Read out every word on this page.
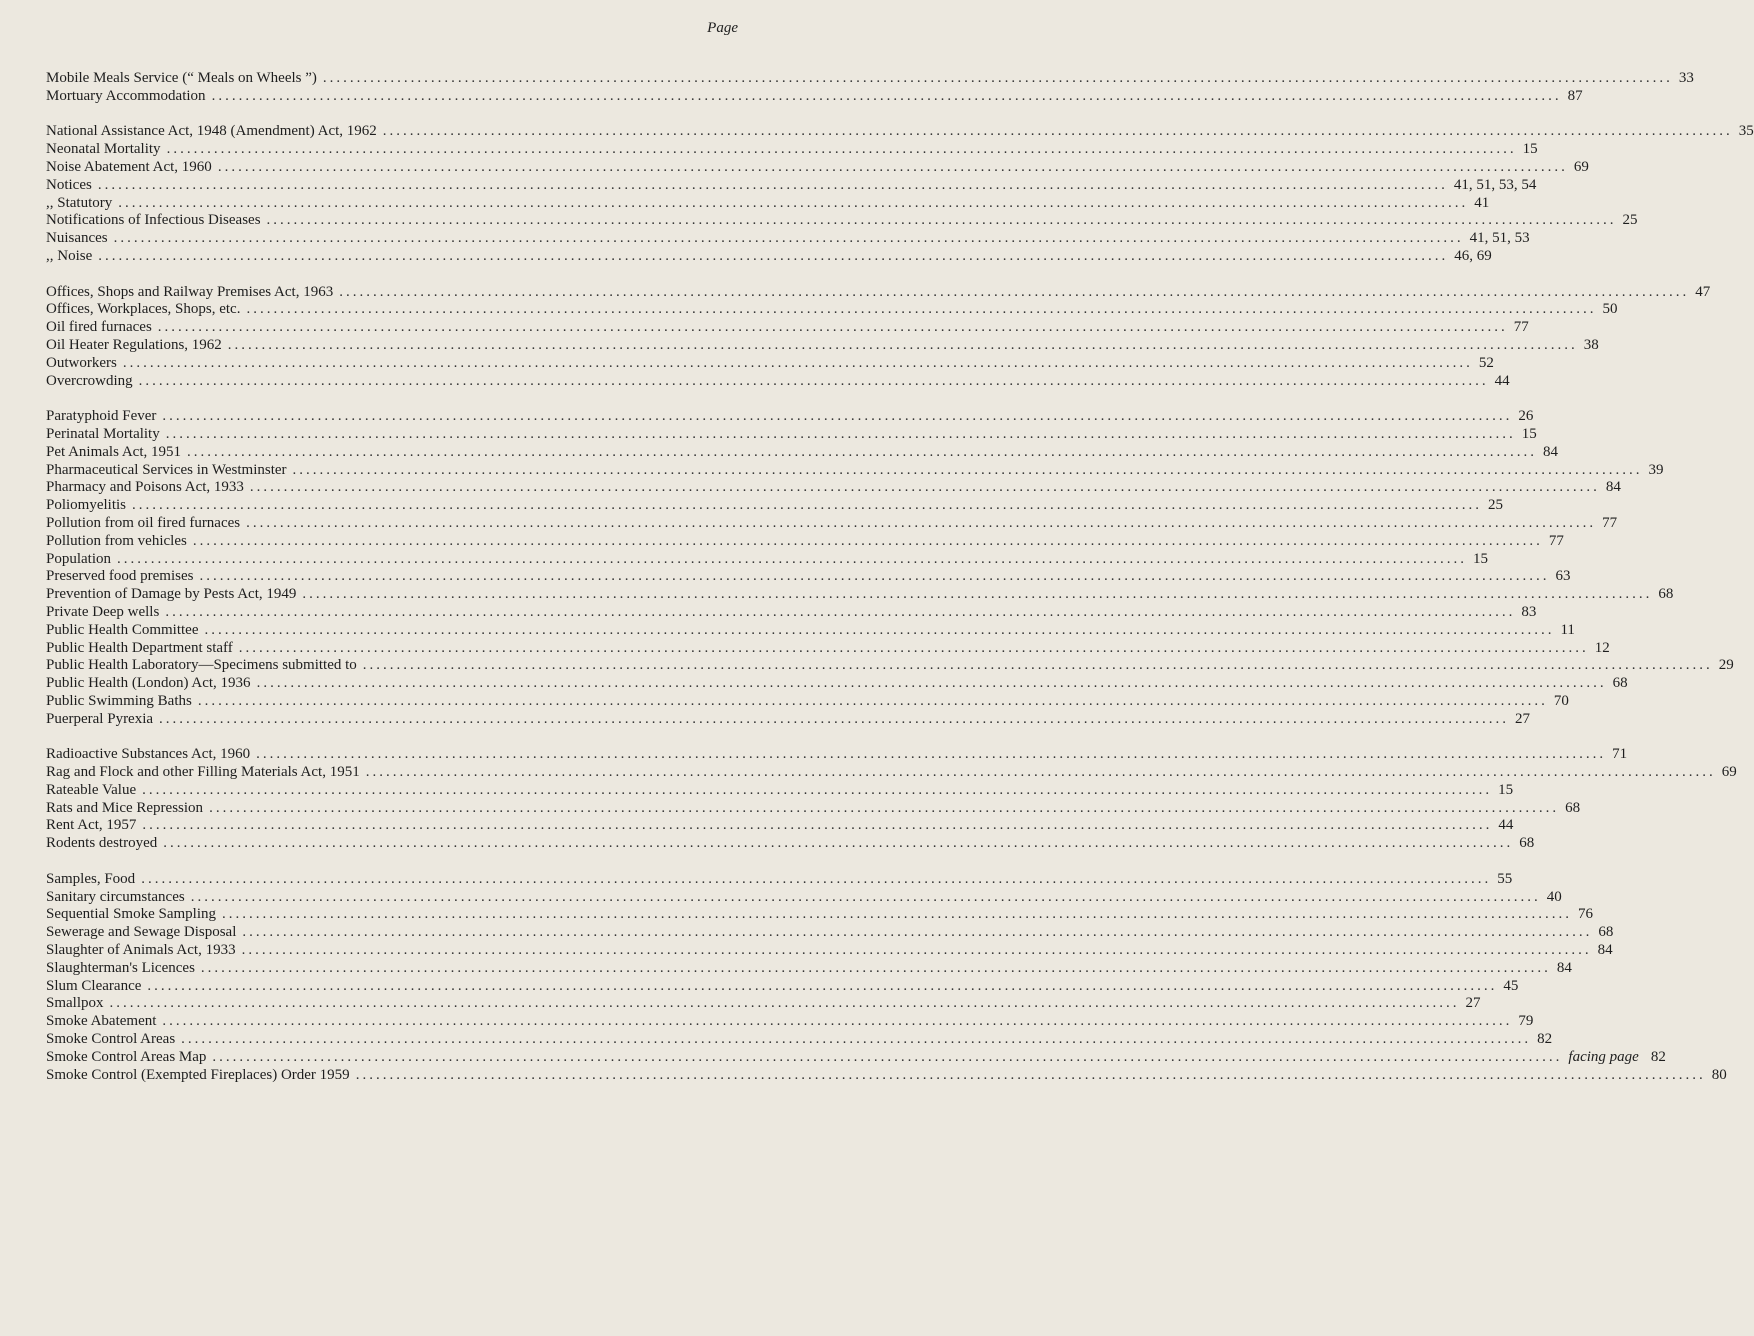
Page
Mobile Meals Service (“ Meals on Wheels ”) ........................................................................................................................................................................................................ 33
Mortuary Accommodation ........................................................................................................................................................................................................ 87
National Assistance Act, 1948 (Amendment) Act, 1962 ........................................................................................................................................................................................................ 35
Neonatal Mortality ........................................................................................................................................................................................................ 15
Noise Abatement Act, 1960 ........................................................................................................................................................................................................ 69
Notices ........................................................................................................................................................................................................ 41, 51, 53, 54
,, Statutory ........................................................................................................................................................................................................ 41
Notifications of Infectious Diseases ........................................................................................................................................................................................................ 25
Nuisances ........................................................................................................................................................................................................ 41, 51, 53
,, Noise ........................................................................................................................................................................................................ 46, 69
Offices, Shops and Railway Premises Act, 1963 ........................................................................................................................................................................................................ 47
Offices, Workplaces, Shops, etc. ........................................................................................................................................................................................................ 50
Oil fired furnaces ........................................................................................................................................................................................................ 77
Oil Heater Regulations, 1962 ........................................................................................................................................................................................................ 38
Outworkers ........................................................................................................................................................................................................ 52
Overcrowding ........................................................................................................................................................................................................ 44
Paratyphoid Fever ........................................................................................................................................................................................................ 26
Perinatal Mortality ........................................................................................................................................................................................................ 15
Pet Animals Act, 1951 ........................................................................................................................................................................................................ 84
Pharmaceutical Services in Westminster ........................................................................................................................................................................................................ 39
Pharmacy and Poisons Act, 1933 ........................................................................................................................................................................................................ 84
Poliomyelitis ........................................................................................................................................................................................................ 25
Pollution from oil fired furnaces ........................................................................................................................................................................................................ 77
Pollution from vehicles ........................................................................................................................................................................................................ 77
Population ........................................................................................................................................................................................................ 15
Preserved food premises ........................................................................................................................................................................................................ 63
Prevention of Damage by Pests Act, 1949 ........................................................................................................................................................................................................ 68
Private Deep wells ........................................................................................................................................................................................................ 83
Public Health Committee ........................................................................................................................................................................................................ 11
Public Health Department staff ........................................................................................................................................................................................................ 12
Public Health Laboratory—Specimens submitted to ........................................................................................................................................................................................................ 29
Public Health (London) Act, 1936 ........................................................................................................................................................................................................ 68
Public Swimming Baths ........................................................................................................................................................................................................ 70
Puerperal Pyrexia ........................................................................................................................................................................................................ 27
Radioactive Substances Act, 1960 ........................................................................................................................................................................................................ 71
Rag and Flock and other Filling Materials Act, 1951 ........................................................................................................................................................................................................ 69
Rateable Value ........................................................................................................................................................................................................ 15
Rats and Mice Repression ........................................................................................................................................................................................................ 68
Rent Act, 1957 ........................................................................................................................................................................................................ 44
Rodents destroyed ........................................................................................................................................................................................................ 68
Samples, Food ........................................................................................................................................................................................................ 55
Sanitary circumstances ........................................................................................................................................................................................................ 40
Sequential Smoke Sampling ........................................................................................................................................................................................................ 76
Sewerage and Sewage Disposal ........................................................................................................................................................................................................ 68
Slaughter of Animals Act, 1933 ........................................................................................................................................................................................................ 84
Slaughterman's Licences ........................................................................................................................................................................................................ 84
Slum Clearance ........................................................................................................................................................................................................ 45
Smallpox ........................................................................................................................................................................................................ 27
Smoke Abatement ........................................................................................................................................................................................................ 79
Smoke Control Areas ........................................................................................................................................................................................................ 82
Smoke Control Areas Map ........................................................................................................................................................................................................ facing page 82
Smoke Control (Exempted Fireplaces) Order 1959 ........................................................................................................................................................................................................ 80
